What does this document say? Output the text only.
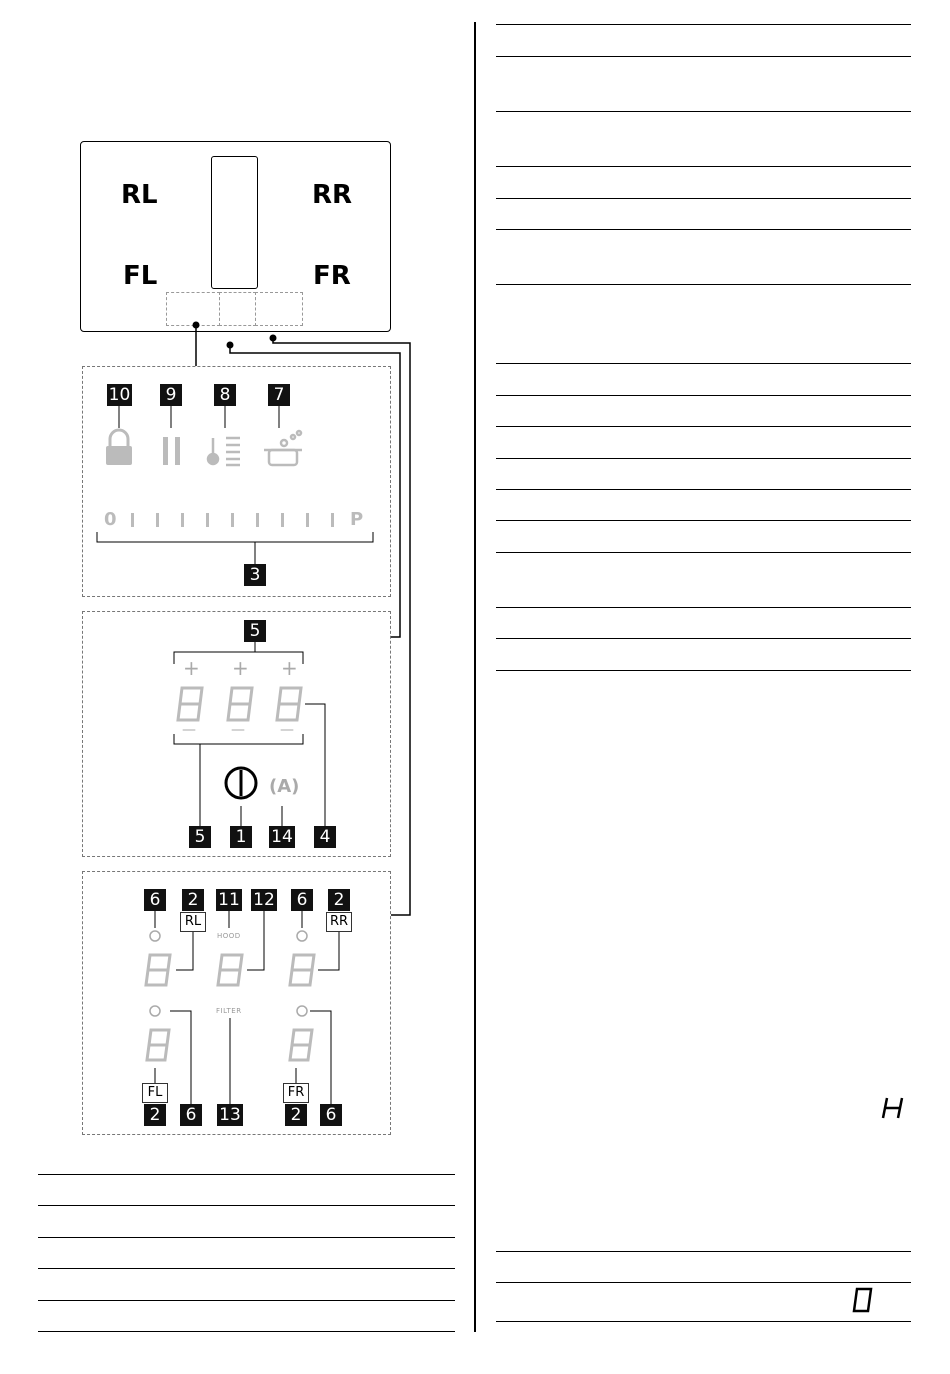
RL	RR
FL	FR
0	P
+ + +
—	—	—
(A)
HOOD
FILTER
RL	RR
FL	FR
10	9	8	7
3
5
5	1	14	4
6	2	11 12	6	2
2	6	13	2	6
